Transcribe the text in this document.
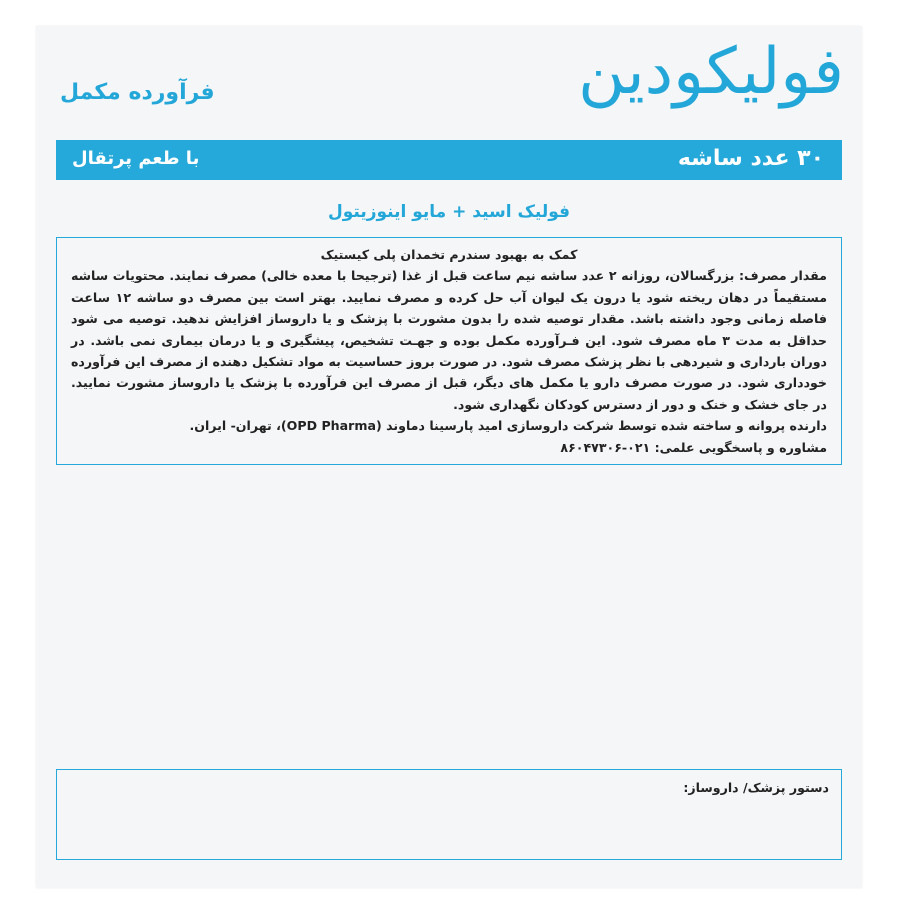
فولیکودین
فرآورده مکمل
۳۰ عدد ساشه
با طعم پرتقال
فولیک اسید + مایو اینوزیتول

کمک به بهبود سندرم تخمدان پلی کیستیک

مقدار مصرف: بزرگسالان، روزانه ۲ عدد ساشه نیم ساعت قبل از غذا (ترجیحا با معده خالی) مصرف نمایند. محتویات ساشه مستقیماً در دهان ریخته شود یا درون یک لیوان آب حل کرده و مصرف نمایید. بهتر است بین مصرف دو ساشه ۱۲ ساعت فاصله زمانی وجود داشته باشد. مقدار توصیه شده را بدون مشورت با پزشک و یا داروساز افزایش ندهید. توصیه می شود حداقل به مدت ۳ ماه مصرف شود. این فـرآورده مکمل بوده و جهـت تشخیص، پیشگیری و یا درمان بیماری نمی باشد. در دوران بارداری و شیردهی با نظر پزشک مصرف شود. در صورت بروز حساسیت به مواد تشکیل دهنده از مصرف این فرآورده خودداری شود. در صورت مصرف دارو یا مکمل های دیگر، قبل از مصرف این فرآورده با پزشک یا داروساز مشورت نمایید. در جای خشک و خنک و دور از دسترس کودکان نگهداری شود.

دارنده پروانه و ساخته شده توسط شرکت داروسازی امید پارسینا دماوند (OPD Pharma)، تهران- ایران.

مشاوره و پاسخگویی علمی: ۰۲۱-۸۶۰۴۷۳۰۶

دستور پزشک/ داروساز:
